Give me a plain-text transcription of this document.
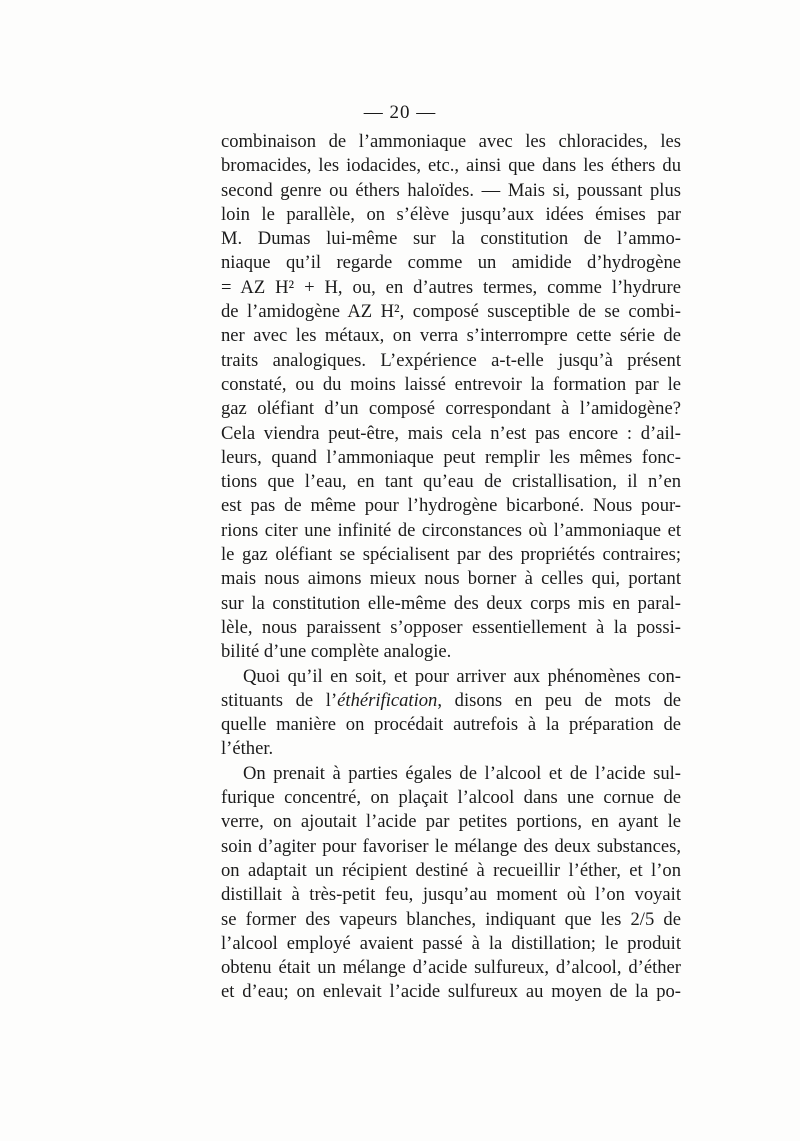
— 20 —
combinaison de l’ammoniaque avec les chloracides, les
bromacides, les iodacides, etc., ainsi que dans les éthers du
second genre ou éthers haloïdes. — Mais si, poussant plus
loin le parallèle, on s’élève jusqu’aux idées émises par
M. Dumas lui-même sur la constitution de l’ammo-
niaque qu’il regarde comme un amidide d’hydrogène
= AZ H² + H, ou, en d’autres termes, comme l’hydrure
de l’amidogène AZ H², composé susceptible de se combi-
ner avec les métaux, on verra s’interrompre cette série de
traits analogiques. L’expérience a-t-elle jusqu’à présent
constaté, ou du moins laissé entrevoir la formation par le
gaz oléfiant d’un composé correspondant à l’amidogène?
Cela viendra peut-être, mais cela n’est pas encore : d’ail-
leurs, quand l’ammoniaque peut remplir les mêmes fonc-
tions que l’eau, en tant qu’eau de cristallisation, il n’en
est pas de même pour l’hydrogène bicarboné. Nous pour-
rions citer une infinité de circonstances où l’ammoniaque et
le gaz oléfiant se spécialisent par des propriétés contraires;
mais nous aimons mieux nous borner à celles qui, portant
sur la constitution elle-même des deux corps mis en paral-
lèle, nous paraissent s’opposer essentiellement à la possi-
bilité d’une complète analogie.
Quoi qu’il en soit, et pour arriver aux phénomènes con-
stituants de l’éthérification, disons en peu de mots de
quelle manière on procédait autrefois à la préparation de
l’éther.
On prenait à parties égales de l’alcool et de l’acide sul-
furique concentré, on plaçait l’alcool dans une cornue de
verre, on ajoutait l’acide par petites portions, en ayant le
soin d’agiter pour favoriser le mélange des deux substances,
on adaptait un récipient destiné à recueillir l’éther, et l’on
distillait à très-petit feu, jusqu’au moment où l’on voyait
se former des vapeurs blanches, indiquant que les 2/5 de
l’alcool employé avaient passé à la distillation; le produit
obtenu était un mélange d’acide sulfureux, d’alcool, d’éther
et d’eau; on enlevait l’acide sulfureux au moyen de la po-
